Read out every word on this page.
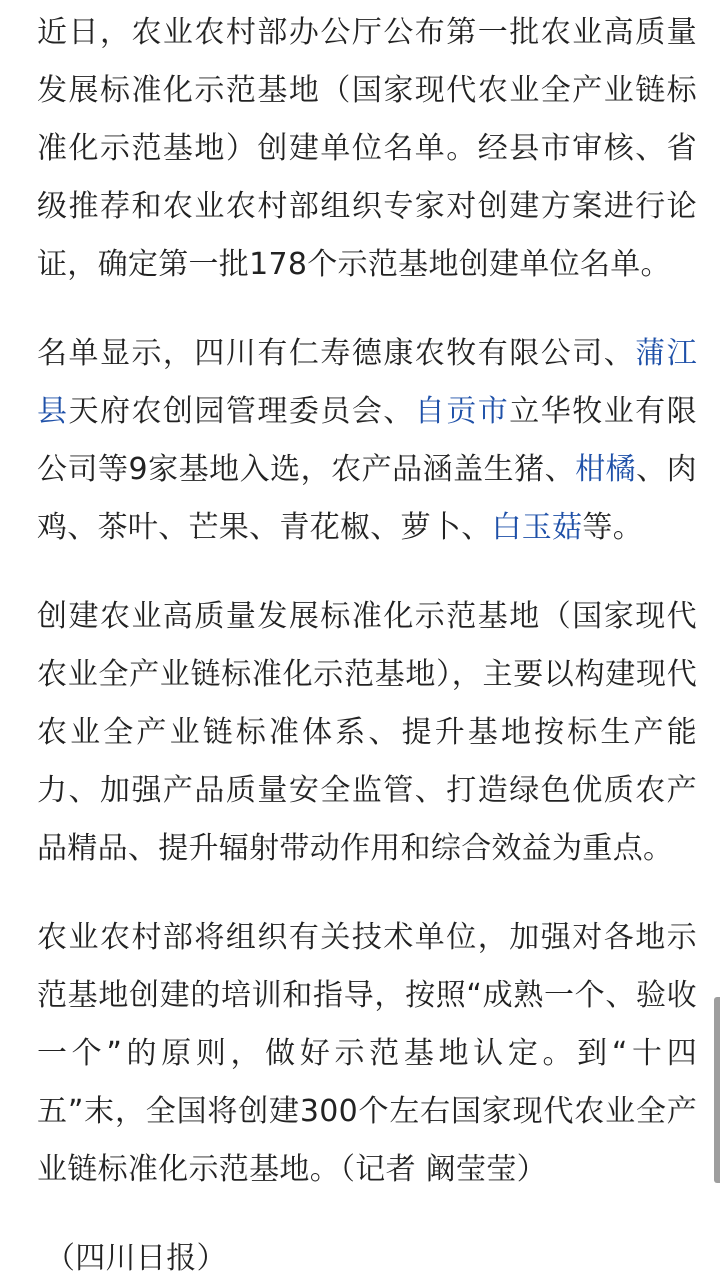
近日，农业农村部办公厅公布第一批农业高质量发展标准化示范基地（国家现代农业全产业链标准化示范基地）创建单位名单。经县市审核、省级推荐和农业农村部组织专家对创建方案进行论证，确定第一批178个示范基地创建单位名单。

名单显示，四川有仁寿德康农牧有限公司、蒲江县天府农创园管理委员会、自贡市立华牧业有限公司等9家基地入选，农产品涵盖生猪、柑橘、肉鸡、茶叶、芒果、青花椒、萝卜、白玉菇等。

创建农业高质量发展标准化示范基地（国家现代农业全产业链标准化示范基地），主要以构建现代农业全产业链标准体系、提升基地按标生产能力、加强产品质量安全监管、打造绿色优质农产品精品、提升辐射带动作用和综合效益为重点。

农业农村部将组织有关技术单位，加强对各地示范基地创建的培训和指导，按照“成熟一个、验收一个”的原则，做好示范基地认定。到“十四五”末，全国将创建300个左右国家现代农业全产业链标准化示范基地。（记者 阚莹莹）

（四川日报）
